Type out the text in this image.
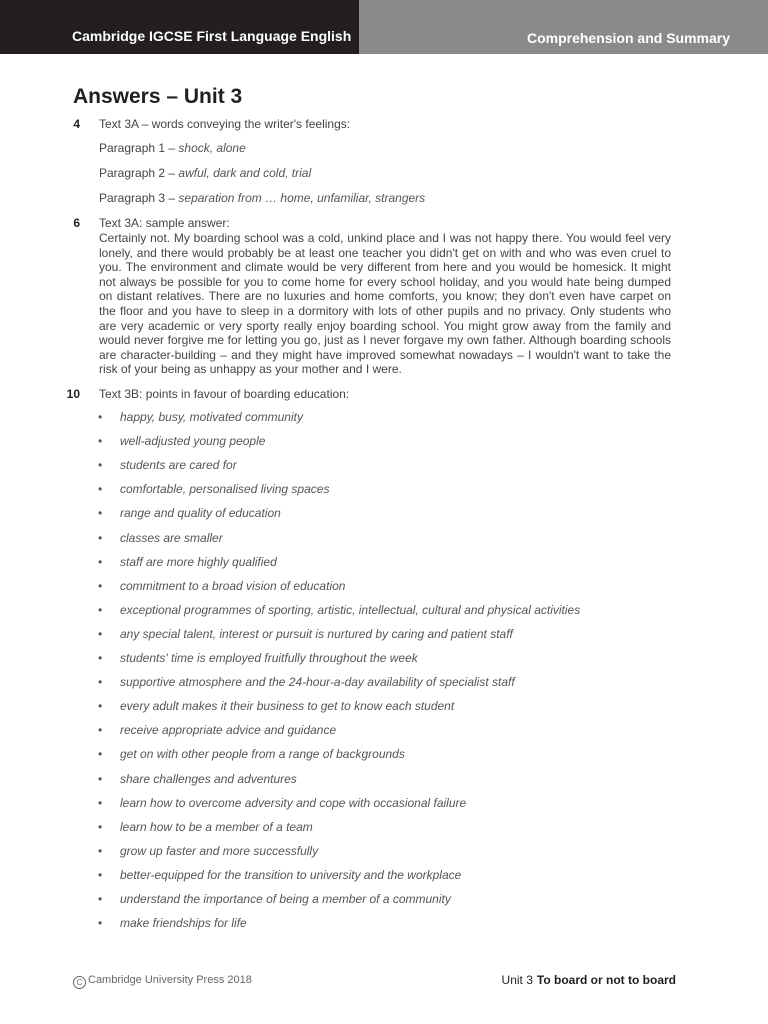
Cambridge IGCSE First Language English	Comprehension and Summary
Answers – Unit 3
4 Text 3A – words conveying the writer's feelings:
Paragraph 1 – shock, alone
Paragraph 2 – awful, dark and cold, trial
Paragraph 3 – separation from … home, unfamiliar, strangers
6 Text 3A: sample answer:
Certainly not. My boarding school was a cold, unkind place and I was not happy there. You would feel very lonely, and there would probably be at least one teacher you didn't get on with and who was even cruel to you. The environment and climate would be very different from here and you would be homesick. It might not always be possible for you to come home for every school holiday, and you would hate being dumped on distant relatives. There are no luxuries and home comforts, you know; they don't even have carpet on the floor and you have to sleep in a dormitory with lots of other pupils and no privacy. Only students who are very academic or very sporty really enjoy boarding school. You might grow away from the family and would never forgive me for letting you go, just as I never forgave my own father. Although boarding schools are character-building – and they might have improved somewhat nowadays – I wouldn't want to take the risk of your being as unhappy as your mother and I were.
10 Text 3B: points in favour of boarding education:
• happy, busy, motivated community
• well-adjusted young people
• students are cared for
• comfortable, personalised living spaces
• range and quality of education
• classes are smaller
• staff are more highly qualified
• commitment to a broad vision of education
• exceptional programmes of sporting, artistic, intellectual, cultural and physical activities
• any special talent, interest or pursuit is nurtured by caring and patient staff
• students' time is employed fruitfully throughout the week
• supportive atmosphere and the 24-hour-a-day availability of specialist staff
• every adult makes it their business to get to know each student
• receive appropriate advice and guidance
• get on with other people from a range of backgrounds
• share challenges and adventures
• learn how to overcome adversity and cope with occasional failure
• learn how to be a member of a team
• grow up faster and more successfully
• better-equipped for the transition to university and the workplace
• understand the importance of being a member of a community
• make friendships for life
C Cambridge University Press 2018	Unit 3 To board or not to board
